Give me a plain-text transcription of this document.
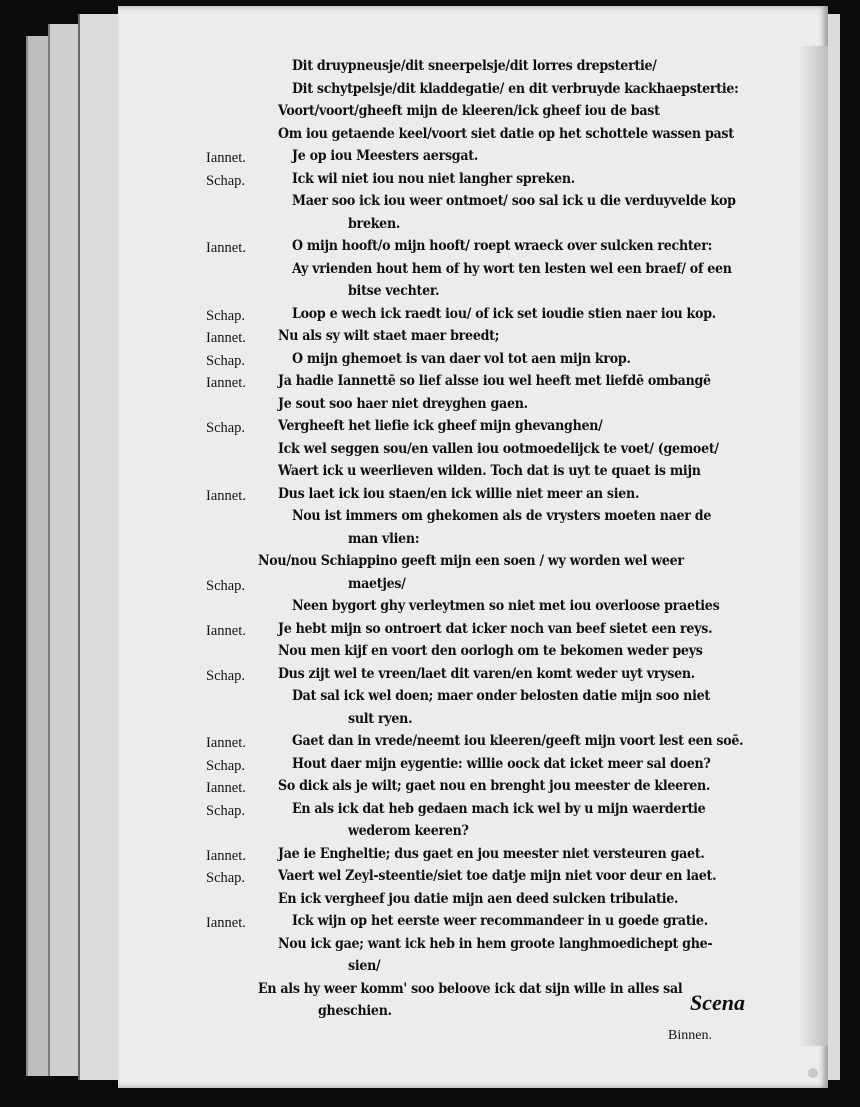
Dit druypneusje/dit sneerpelsje/dit lorres drepstertie/
Dit schytpelsje/dit kladdegatie/ en dit verbruyde kackhaepstertie:
Voort/voort/gheeft mijn de kleeren/ick gheef iou de bast
Om iou getaende keel/voort siet datie op het schottele wassen past
Iannet.	Je op iou Meesters aersgat.
Schap.	Ick wil niet iou nou niet langher spreken.
Maer soo ick iou weer ontmoet/ soo sal ick u die verduyvelde kop
breken.
Iannet.	O mijn hooft/o mijn hooft/ roept wraeck over sulcken rechter:
Ay vrienden hout hem of hy wort ten lesten wel een braef/ of een
bitse vechter.
Schap.	Loop e wech ick raedt iou/ of ick set ioudie stien naer iou kop.
Iannet. Nu als sy wilt staet maer breedt;
Schap.	O mijn ghemoet is van daer vol tot aen mijn krop.
Iannet. Ja hadie Iannettē so lief alsse iou wel heeft met liefdē ombangē
Je sout soo haer niet dreyghen gaen.
Schap. Vergheeft het liefie ick gheef mijn ghevanghen/
Ick wel seggen sou/en vallen iou ootmoedelijck te voet/ (gemoet/
Waert ick u weerlieven wilden. Toch dat is uyt te quaet is mijn
Iannet. Dus laet ick iou staen/en ick willie niet meer an sien.
Nou ist immers om ghekomen als de vrysters moeten naer de
man vlien:
Nou/nou Schiappino geeft mijn een soen / wy worden wel weer
Schap.	maetjes/
Neen bygort ghy verleytmen so niet met iou overloose praeties
Iannet. Je hebt mijn so ontroert dat icker noch van beef sietet een reys.
Nou men kijf en voort den oorlogh om te bekomen weder peys
Schap. Dus zijt wel te vreen/laet dit varen/en komt weder uyt vrysen.
Dat sal ick wel doen; maer onder belosten datie mijn soo niet
sult ryen.
Iannet.	Gaet dan in vrede/neemt iou kleeren/geeft mijn voort lest een soē.
Schap.	Hout daer mijn eygentie: willie oock dat icket meer sal doen?
Iannet. So dick als je wilt; gaet nou en brenght jou meester de kleeren.
Schap.	En als ick dat heb gedaen mach ick wel by u mijn waerdertie
wederom keeren?
Iannet. Jae ie Engheltie; dus gaet en jou meester niet versteuren gaet.
Schap. Vaert wel Zeyl-steentie/siet toe datje mijn niet voor deur en laet.
En ick vergheef jou datie mijn aen deed sulcken tribulatie.
Iannet.	Ick wijn op het eerste weer recommandeer in u goede gratie.
Nou ick gae; want ick heb in hem groote langhmoedichept ghe-
sien/
En als hy weer komm' soo beloove ick dat sijn wille in alles sal
gheschien.
Binnen.
Scena
